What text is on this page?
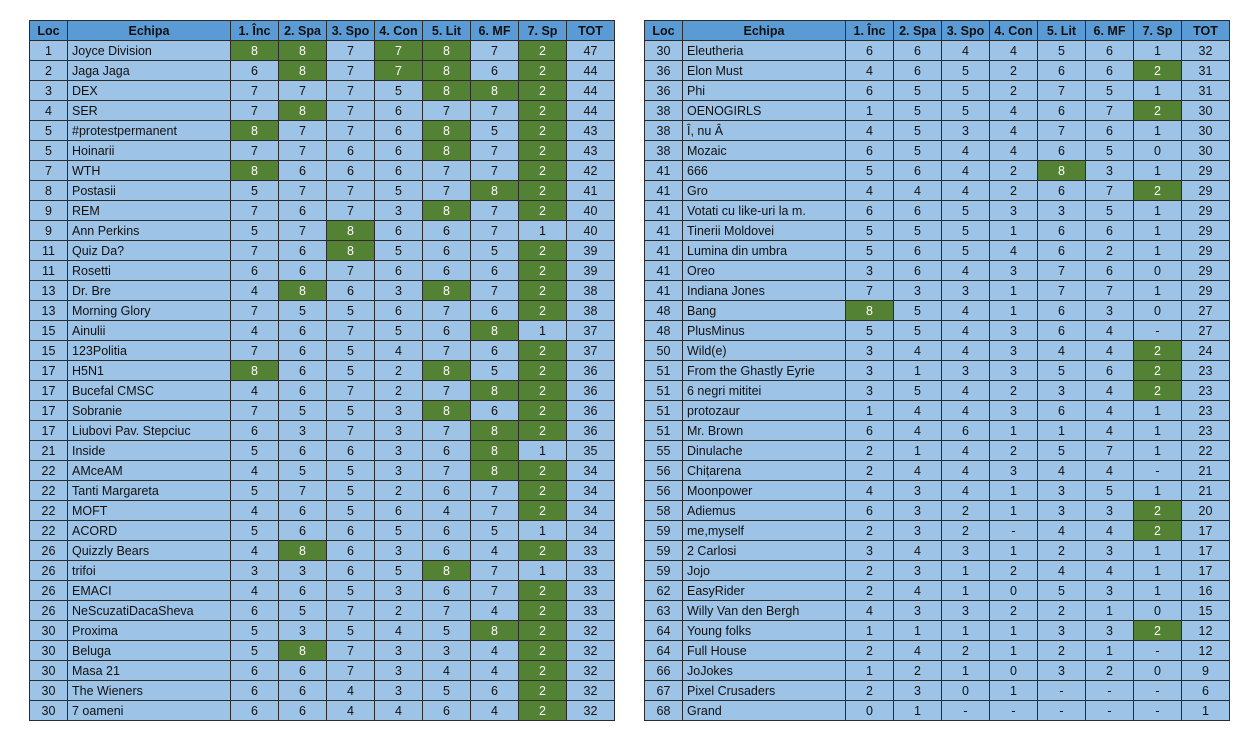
Loc	Echipa	1. Înc	2. Spa	3. Spo	4. Con	5. Lit	6. MF	7. Sp	TOT
1	Joyce Division	8	8	7	7	8	7	2	47
2	Jaga Jaga	6	8	7	7	8	6	2	44
3	DEX	7	7	7	5	8	8	2	44
4	SER	7	8	7	6	7	7	2	44
5	#protestpermanent	8	7	7	6	8	5	2	43
5	Hoinarii	7	7	6	6	8	7	2	43
7	WTH	8	6	6	6	7	7	2	42
8	Postasii	5	7	7	5	7	8	2	41
9	REM	7	6	7	3	8	7	2	40
9	Ann Perkins	5	7	8	6	6	7	1	40
11	Quiz Da?	7	6	8	5	6	5	2	39
11	Rosetti	6	6	7	6	6	6	2	39
13	Dr. Bre	4	8	6	3	8	7	2	38
13	Morning Glory	7	5	5	6	7	6	2	38
15	Ainulii	4	6	7	5	6	8	1	37
15	123Politia	7	6	5	4	7	6	2	37
17	H5N1	8	6	5	2	8	5	2	36
17	Bucefal CMSC	4	6	7	2	7	8	2	36
17	Sobranie	7	5	5	3	8	6	2	36
17	Liubovi Pav. Stepciuc	6	3	7	3	7	8	2	36
21	Inside	5	6	6	3	6	8	1	35
22	AMceAM	4	5	5	3	7	8	2	34
22	Tanti Margareta	5	7	5	2	6	7	2	34
22	MOFT	4	6	5	6	4	7	2	34
22	ACORD	5	6	6	5	6	5	1	34
26	Quizzly Bears	4	8	6	3	6	4	2	33
26	trifoi	3	3	6	5	8	7	1	33
26	EMACI	4	6	5	3	6	7	2	33
26	NeScuzatiDacaSheva	6	5	7	2	7	4	2	33
30	Proxima	5	3	5	4	5	8	2	32
30	Beluga	5	8	7	3	3	4	2	32
30	Masa 21	6	6	7	3	4	4	2	32
30	The Wieners	6	6	4	3	5	6	2	32
30	7 oameni	6	6	4	4	6	4	2	32
Loc	Echipa	1. Înc	2. Spa	3. Spo	4. Con	5. Lit	6. MF	7. Sp	TOT
30	Eleutheria	6	6	4	4	5	6	1	32
36	Elon Must	4	6	5	2	6	6	2	31
36	Phi	6	5	5	2	7	5	1	31
38	OENOGIRLS	1	5	5	4	6	7	2	30
38	Î, nu Â	4	5	3	4	7	6	1	30
38	Mozaic	6	5	4	4	6	5	0	30
41	666	5	6	4	2	8	3	1	29
41	Gro	4	4	4	2	6	7	2	29
41	Votati cu like-uri la m.	6	6	5	3	3	5	1	29
41	Tinerii Moldovei	5	5	5	1	6	6	1	29
41	Lumina din umbra	5	6	5	4	6	2	1	29
41	Oreo	3	6	4	3	7	6	0	29
41	Indiana Jones	7	3	3	1	7	7	1	29
48	Bang	8	5	4	1	6	3	0	27
48	PlusMinus	5	5	4	3	6	4	-	27
50	Wild(e)	3	4	4	3	4	4	2	24
51	From the Ghastly Eyrie	3	1	3	3	5	6	2	23
51	6 negri mititei	3	5	4	2	3	4	2	23
51	protozaur	1	4	4	3	6	4	1	23
51	Mr. Brown	6	4	6	1	1	4	1	23
55	Dinulache	2	1	4	2	5	7	1	22
56	Chițarena	2	4	4	3	4	4	-	21
56	Moonpower	4	3	4	1	3	5	1	21
58	Adiemus	6	3	2	1	3	3	2	20
59	me,myself	2	3	2	-	4	4	2	17
59	2 Carlosi	3	4	3	1	2	3	1	17
59	Jojo	2	3	1	2	4	4	1	17
62	EasyRider	2	4	1	0	5	3	1	16
63	Willy Van den Bergh	4	3	3	2	2	1	0	15
64	Young folks	1	1	1	1	3	3	2	12
64	Full House	2	4	2	1	2	1	-	12
66	JoJokes	1	2	1	0	3	2	0	9
67	Pixel Crusaders	2	3	0	1	-	-	-	6
68	Grand	0	1	-	-	-	-	-	1
